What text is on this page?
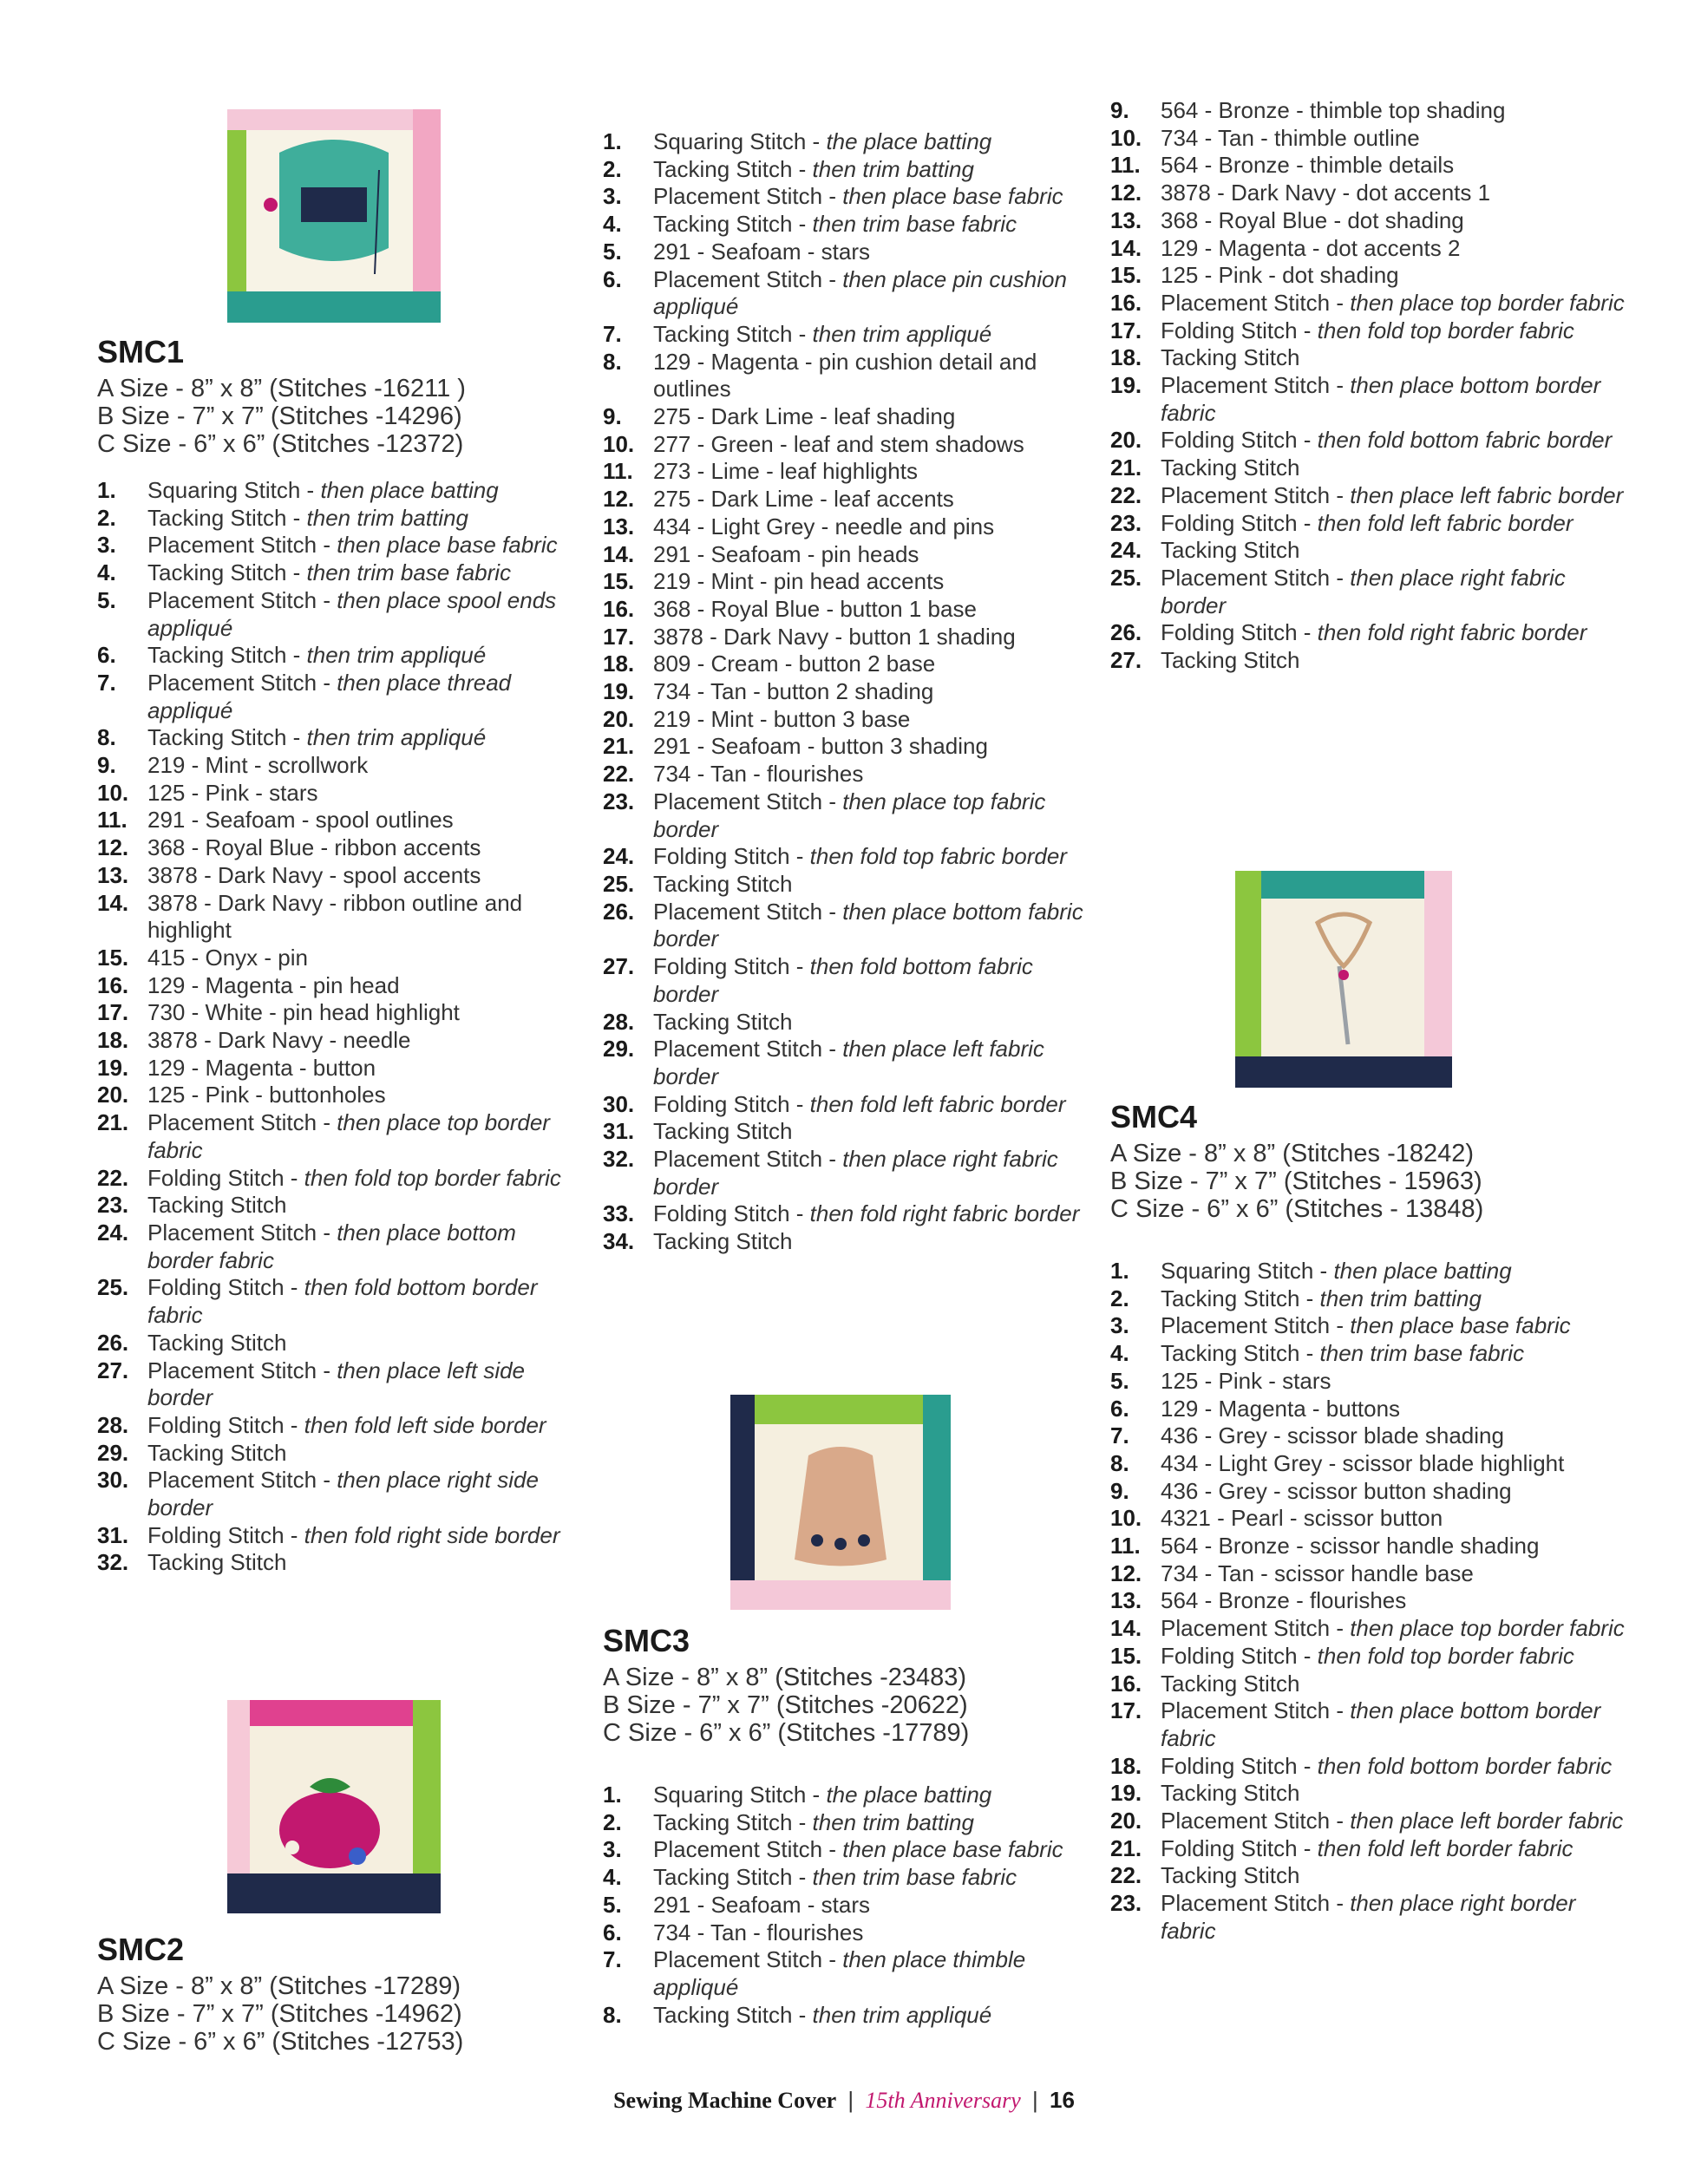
SMC1
A Size - 8” x 8” (Stitches -16211 )
B Size - 7” x 7” (Stitches -14296)
C Size - 6” x 6” (Stitches -12372)
1. Squaring Stitch - then place batting
2. Tacking Stitch - then trim batting
3. Placement Stitch - then place base fabric
4. Tacking Stitch - then trim base fabric
5. Placement Stitch - then place spool ends appliqué
6. Tacking Stitch - then trim appliqué
7. Placement Stitch - then place thread appliqué
8. Tacking Stitch - then trim appliqué
9. 219 - Mint - scrollwork
10. 125 - Pink - stars
11. 291 - Seafoam - spool outlines
12. 368 - Royal Blue - ribbon accents
13. 3878 - Dark Navy - spool accents
14. 3878 - Dark Navy - ribbon outline and highlight
15. 415 - Onyx - pin
16. 129 - Magenta - pin head
17. 730 - White - pin head highlight
18. 3878 - Dark Navy - needle
19. 129 - Magenta - button
20. 125 - Pink - buttonholes
21. Placement Stitch - then place top border fabric
22. Folding Stitch - then fold top border fabric
23. Tacking Stitch
24. Placement Stitch - then place bottom border fabric
25. Folding Stitch - then fold bottom border fabric
26. Tacking Stitch
27. Placement Stitch - then place left side border
28. Folding Stitch - then fold left side border
29. Tacking Stitch
30. Placement Stitch - then place right side border
31. Folding Stitch - then fold right side border
32. Tacking Stitch
SMC2
A Size - 8” x 8” (Stitches -17289)
B Size - 7” x 7” (Stitches -14962)
C Size - 6” x 6” (Stitches -12753)
1. Squaring Stitch - the place batting
2. Tacking Stitch - then trim batting
3. Placement Stitch - then place base fabric
4. Tacking Stitch - then trim base fabric
5. 291 - Seafoam - stars
6. Placement Stitch - then place pin cushion appliqué
7. Tacking Stitch - then trim appliqué
8. 129 - Magenta - pin cushion detail and outlines
9. 275 - Dark Lime - leaf shading
10. 277 - Green - leaf and stem shadows
11. 273 - Lime - leaf highlights
12. 275 - Dark Lime - leaf accents
13. 434 - Light Grey - needle and pins
14. 291 - Seafoam - pin heads
15. 219 - Mint - pin head accents
16. 368 - Royal Blue - button 1 base
17. 3878 - Dark Navy - button 1 shading
18. 809 - Cream - button 2 base
19. 734 - Tan - button 2 shading
20. 219 - Mint - button 3 base
21. 291 - Seafoam - button 3 shading
22. 734 - Tan - flourishes
23. Placement Stitch - then place top fabric border
24. Folding Stitch - then fold top fabric border
25. Tacking Stitch
26. Placement Stitch - then place bottom fabric border
27. Folding Stitch - then fold bottom fabric border
28. Tacking Stitch
29. Placement Stitch - then place left fabric border
30. Folding Stitch - then fold left fabric border
31. Tacking Stitch
32. Placement Stitch - then place right fabric border
33. Folding Stitch - then fold right fabric border
34. Tacking Stitch
SMC3
A Size - 8” x 8” (Stitches -23483)
B Size - 7” x 7” (Stitches -20622)
C Size - 6” x 6” (Stitches -17789)
1. Squaring Stitch - the place batting
2. Tacking Stitch - then trim batting
3. Placement Stitch - then place base fabric
4. Tacking Stitch - then trim base fabric
5. 291 - Seafoam - stars
6. 734 - Tan - flourishes
7. Placement Stitch - then place thimble appliqué
8. Tacking Stitch - then trim appliqué
9. 564 - Bronze - thimble top shading
10. 734 - Tan - thimble outline
11. 564 - Bronze - thimble details
12. 3878 - Dark Navy - dot accents 1
13. 368 - Royal Blue - dot shading
14. 129 - Magenta - dot accents 2
15. 125 - Pink - dot shading
16. Placement Stitch - then place top border fabric
17. Folding Stitch - then fold top border fabric
18. Tacking Stitch
19. Placement Stitch - then place bottom border fabric
20. Folding Stitch - then fold bottom fabric border
21. Tacking Stitch
22. Placement Stitch - then place left fabric border
23. Folding Stitch - then fold left fabric border
24. Tacking Stitch
25. Placement Stitch - then place right fabric border
26. Folding Stitch - then fold right fabric border
27. Tacking Stitch
SMC4
A Size - 8” x 8” (Stitches -18242)
B Size - 7” x 7” (Stitches - 15963)
C Size - 6” x 6” (Stitches - 13848)
1. Squaring Stitch - then place batting
2. Tacking Stitch - then trim batting
3. Placement Stitch - then place base fabric
4. Tacking Stitch - then trim base fabric
5. 125 - Pink - stars
6. 129 - Magenta - buttons
7. 436 - Grey - scissor blade shading
8. 434 - Light Grey - scissor blade highlight
9. 436 - Grey - scissor button shading
10. 4321 - Pearl - scissor button
11. 564 - Bronze - scissor handle shading
12. 734 - Tan - scissor handle base
13. 564 - Bronze - flourishes
14. Placement Stitch - then place top border fabric
15. Folding Stitch - then fold top border fabric
16. Tacking Stitch
17. Placement Stitch - then place bottom border fabric
18. Folding Stitch - then fold bottom border fabric
19. Tacking Stitch
20. Placement Stitch - then place left border fabric
21. Folding Stitch - then fold left border fabric
22. Tacking Stitch
23. Placement Stitch - then place right border fabric
Sewing Machine Cover | 15th Anniversary | 16
